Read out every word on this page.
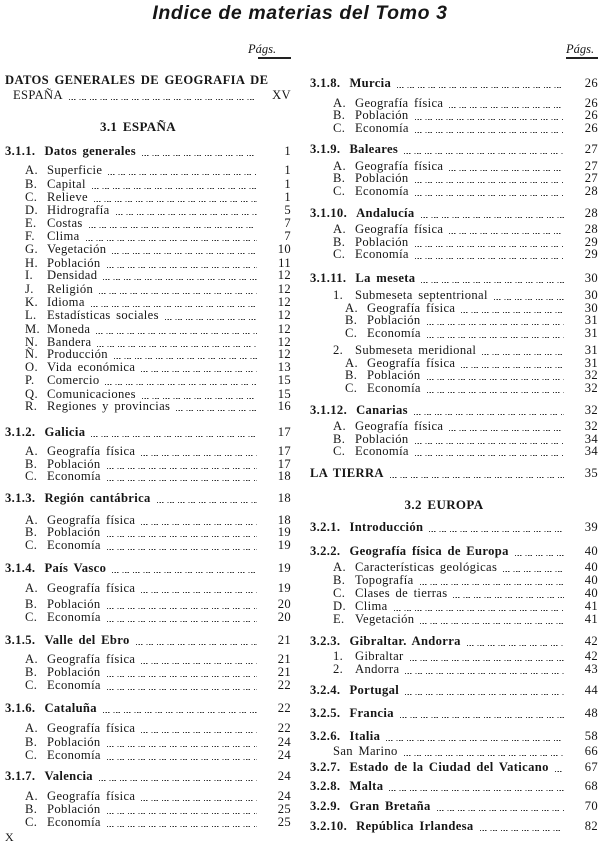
Indice de materias del Tomo 3
Págs.	Págs.
DATOS GENERALES DE GEOGRAFIA DE
ESPAÑA	XV
3.1 ESPAÑA
3.1.1. Datos generales	1
A. Superficie	1
B. Capital	1
C. Relieve	1
D. Hidrografía	5
E. Costas	7
F. Clima	7
G. Vegetación	10
H. Población	11
I.	Densidad	12
J.	Religión	12
K. Idioma	12
L. Estadísticas sociales	12
M. Moneda	12
N. Bandera	12
Ñ. Producción	12
O. Vida económica	13
P. Comercio	15
Q. Comunicaciones	15
R. Regiones y provincias	16
3.1.2. Galicia	17
A. Geografía física	17
B. Población	17
C. Economía	18
3.1.3. Región cantábrica	18
A. Geografía física	18
B. Población	19
C. Economía	19
3.1.4. País Vasco	19
A. Geografía física	19
B. Población	20
C. Economía	20
3.1.5. Valle del Ebro	21
A. Geografía física	21
B. Población	21
C. Economía	22
3.1.6. Cataluña	22
A. Geografía física	22
B. Población	24
C. Economía	24
3.1.7. Valencia	24
A. Geografía física	24
B. Población	25
C. Economía	25
3.1.8. Murcia	26
A. Geografía física	26
B. Población	26
C. Economía	26
3.1.9. Baleares	27
A. Geografía física	27
B. Población	27
C. Economía	28
3.1.10. Andalucía	28
A. Geografía física	28
B. Población	29
C. Economía	29
3.1.11. La meseta	30
1. Submeseta septentrional	30
A. Geografía física	30
B. Población	31
C. Economía	31
2. Submeseta meridional	31
A. Geografía física	31
B. Población	32
C. Economía	32
3.1.12. Canarias	32
A. Geografía física	32
B. Población	34
C. Economía	34
LA TIERRA	35
3.2 EUROPA
3.2.1. Introducción	39
3.2.2. Geografía física de Europa	40
A. Características geológicas	40
B. Topografía	40
C. Clases de tierras	40
D. Clima	41
E. Vegetación	41
3.2.3. Gibraltar. Andorra	42
1. Gibraltar	42
2. Andorra	43
3.2.4. Portugal	44
3.2.5. Francia	48
3.2.6. Italia	58
San Marino	66
3.2.7. Estado de la Ciudad del Vaticano	67
3.2.8. Malta	68
3.2.9. Gran Bretaña	70
3.2.10. República Irlandesa	82
X
